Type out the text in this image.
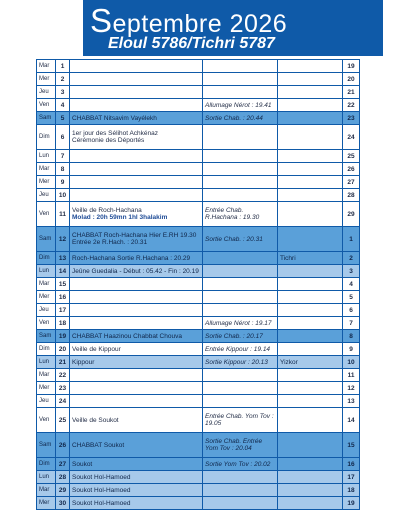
Septembre 2026
Eloul 5786/Tichri 5787
Mar	1				19
Mer	2				20
Jeu	3				21
Ven	4		Allumage Nérot : 19.41		22
Sam	5	CHABBAT Nitsavim Vayélekh	Sortie Chab. : 20.44		23
Dim	6	1er jour des Sélihot Achkénaz
Cérémonie des Déportés			24
Lun	7				25
Mar	8				26
Mer	9				27
Jeu	10				28
Ven	11	Veille de Roch-Hachana
Molad : 20h 59mn 1hl 3halakim	Entrée Chab. R.Hachana : 19.30		29
Sam	12	CHABBAT Roch-Hachana Hier E.RH 19.30
Entrée 2e R.Hach. : 20.31	Sortie Chab. : 20.31		1
Dim	13	Roch-Hachana Sortie R.Hachana : 20.29		Tichri	2
Lun	14	Jeûne Guedalia - Début : 05.42 - Fin : 20.19			3
Mar	15				4
Mer	16				5
Jeu	17				6
Ven	18		Allumage Nérot : 19.17		7
Sam	19	CHABBAT Haazinou Chabbat Chouva	Sortie Chab. : 20.17		8
Dim	20	Veille de Kippour	Entrée Kippour : 19.14		9
Lun	21	Kippour	Sortie Kippour : 20.13	Yizkor	10
Mar	22				11
Mer	23				12
Jeu	24				13
Ven	25	Veille de Soukot	Entrée Chab. Yom Tov : 19.05		14
Sam	26	CHABBAT Soukot	Sortie Chab. Entrée Yom Tov : 20.04		15
Dim	27	Soukot	Sortie Yom Tov : 20.02		16
Lun	28	Soukot Hol-Hamoed			17
Mar	29	Soukot Hol-Hamoed			18
Mer	30	Soukot Hol-Hamoed			19
